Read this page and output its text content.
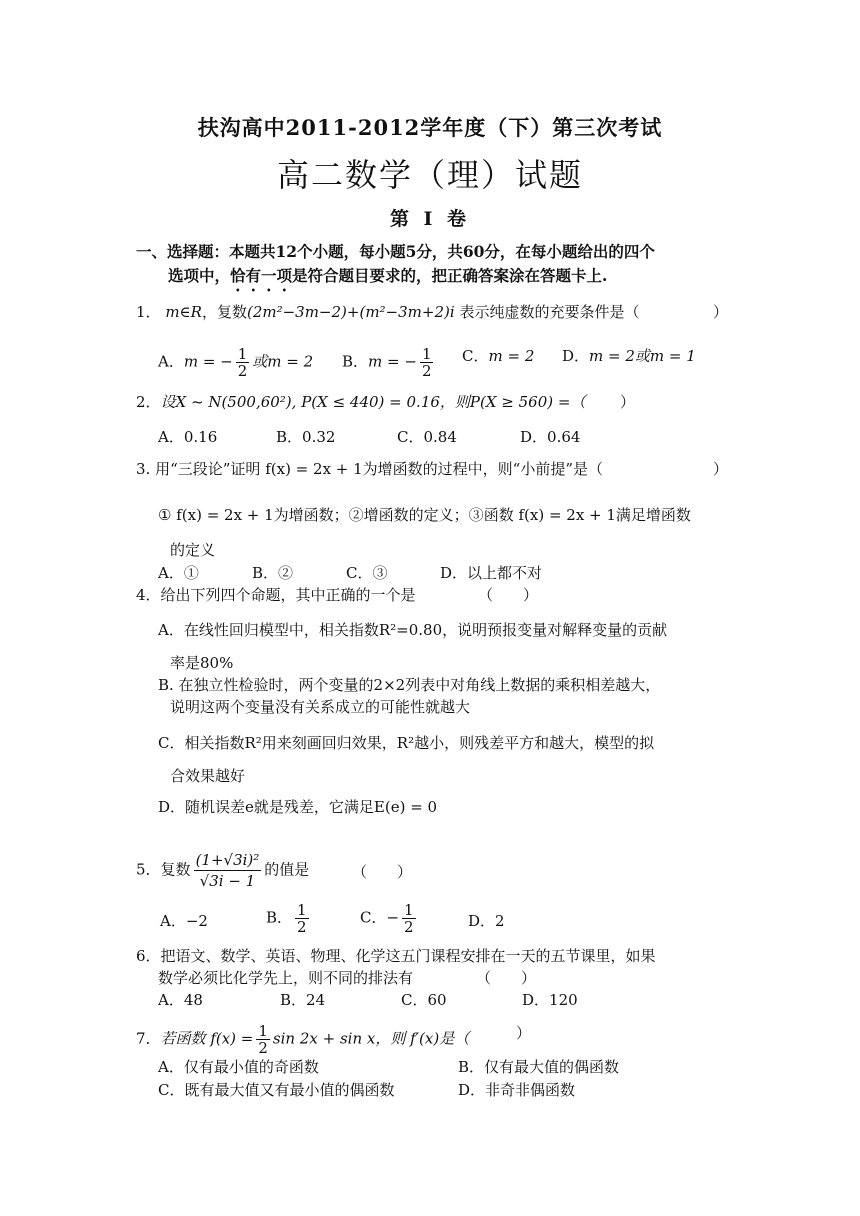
扶沟高中2011-2012学年度（下）第三次考试
高二数学（理）试题
第 I 卷
一、选择题：本题共12个小题，每小题5分，共60分，在每小题给出的四个
选项中，恰有一项是符合题目要求的，把正确答案涂在答题卡上.
1． m∈R，复数(2m²−3m−2)+(m²−3m+2)i 表示纯虚数的充要条件是（	）
A．m = − $\frac{1}{2}$ 或m = 2 B．m = − $\frac{1}{2}$ C．m = 2 D．m = 2或m = 1
2．设X ~ N(500,60²), P(X ≤ 440) = 0.16，则P(X ≥ 560) =（ ）
A．0.16	B．0.32	C．0.84	D．0.64
3. 用“三段论”证明 f(x) = 2x + 1为增函数的过程中，则“小前提”是（	）
① f(x) = 2x + 1为增函数；②增函数的定义；③函数 f(x) = 2x + 1满足增函数
的定义
A．①	B．②	C．③	D．以上都不对
4．给出下列四个命题，其中正确的一个是	（　　）
A．在线性回归模型中，相关指数R²=0.80，说明预报变量对解释变量的贡献
率是80%
B. 在独立性检验时，两个变量的2×2列表中对角线上数据的乘积相差越大，
说明这两个变量没有关系成立的可能性就越大
C．相关指数R²用来刻画回归效果，R²越小，则残差平方和越大，模型的拟
合效果越好
D．随机误差e就是残差，它满足E(e) = 0
5．复数 $\frac{\text{(1+√3i)²}}{√3i - 1}$ 的值是	（　　）
A．−2	B． $\frac{1}{2}$	C．− $\frac{1}{2}$	D．2
6．把语文、数学、英语、物理、化学这五门课程安排在一天的五节课里，如果
数学必须比化学先上，则不同的排法有	（　　）
A．48	B．24	C．60	D．120
7．若函数 $f(x) = \frac{1}{2}$ sin 2x + sin x，则 f′(x)是（	）
A．仅有最小值的奇函数	B．仅有最大值的偶函数
C．既有最大值又有最小值的偶函数	D．非奇非偶函数
